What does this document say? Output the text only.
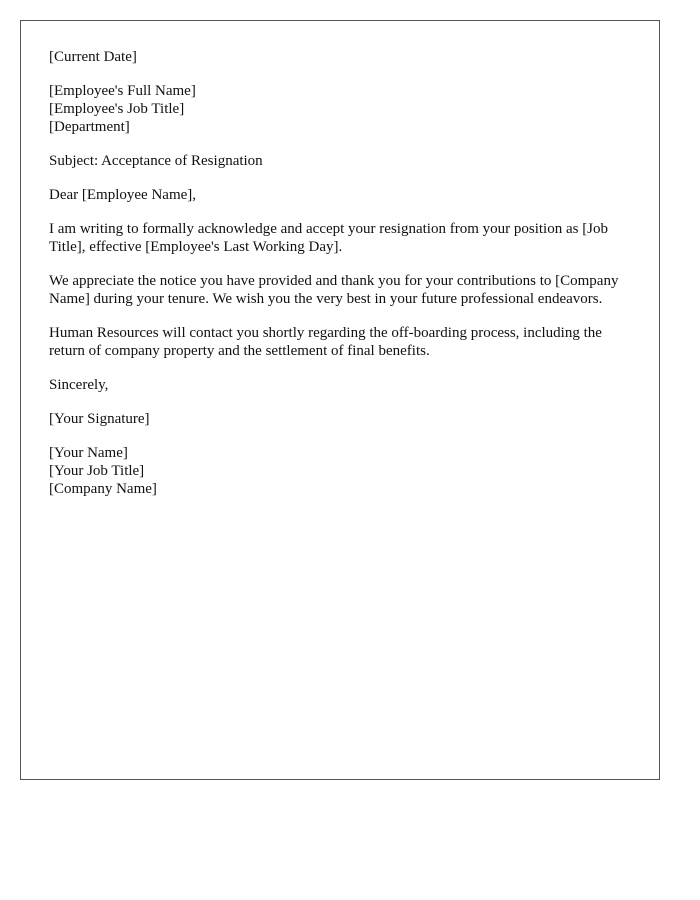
[Current Date]
[Employee's Full Name]
[Employee's Job Title]
[Department]
Subject: Acceptance of Resignation
Dear [Employee Name],

I am writing to formally acknowledge and accept your resignation from your position as [Job Title], effective [Employee's Last Working Day].

We appreciate the notice you have provided and thank you for your contributions to [Company Name] during your tenure. We wish you the very best in your future professional endeavors.

Human Resources will contact you shortly regarding the off-boarding process, including the return of company property and the settlement of final benefits.

Sincerely,
[Your Signature]
[Your Name]
[Your Job Title]
[Company Name]
